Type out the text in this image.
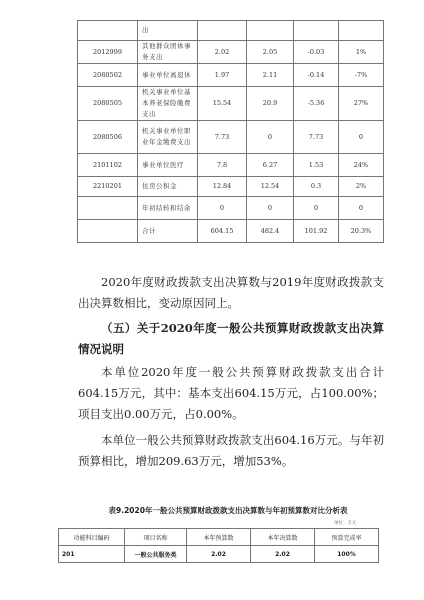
	出				
2012999	其他群众团体事务支出	2.02	2.05	-0.03	1%
2080502	事业单位离退休	1.97	2.11	-0.14	-7%
2080505	机关事业单位基本养老保险缴费支出	15.54	20.9	-5.36	27%
2080506	机关事业单位职业年金缴费支出	7.73	0	7.73	0
2101102	事业单位医疗	7.8	6.27	1.53	24%
2210201	住房公积金	12.84	12.54	0.3	2%
	年初结转和结余	0	0	0	0
	合计	604.15	482.4	101.92	20.3%

2020年度财政拨款支出决算数与2019年度财政拨款支出决算数相比，变动原因同上。

（五）关于2020年度一般公共预算财政拨款支出决算情况说明

本单位2020年度一般公共预算财政拨款支出合计604.15万元，其中：基本支出604.15万元，占100.00%；项目支出0.00万元，占0.00%。

本单位一般公共预算财政拨款支出604.16万元。与年初预算相比，增加209.63万元，增加53%。

表9.2020年一般公共预算财政拨款支出决算数与年初预算数对比分析表

单位：万元

功能科目编码	项目名称	本年预算数	本年决算数	预算完成率
201	一般公共服务类	2.02	2.02	100%
